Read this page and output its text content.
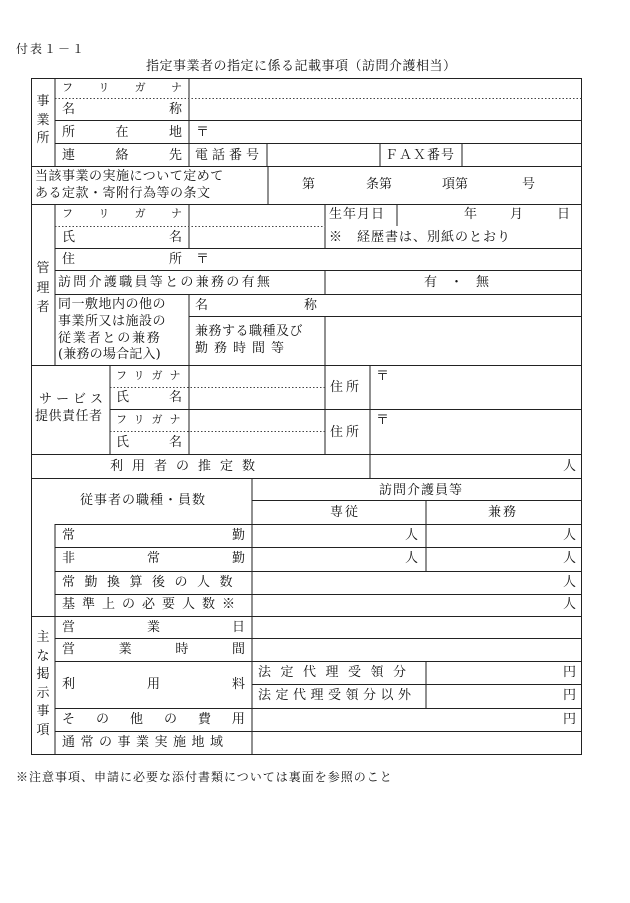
付表１－１
指定事業者の指定に係る記載事項（訪問介護相当）
事
業
所
フ リ ガ ナ
名	称
所	在	地 〒
連	絡	先 電話番号	ＦＡＸ番号
当該事業の実施について定めて
ある定款・寄附行為等の条文
第	条第	項第	号
管
理
者
フ リ ガ ナ
氏	名
生年月日	年	月	日
※　経歴書は、別紙のとおり
住	所 〒
訪問介護職員等との兼務の有無	有　・　無
同一敷地内の他の
事業所又は施設の
従業者との兼務
(兼務の場合記入)
名	称
兼務する職種及び
勤務時間等
サービス
提供責任者
フリガナ
氏	名
住所
〒
フリガナ
氏	名
住所
〒
利用者の推定数	人
従事者の職種・員数
訪問介護員等
専従	兼務
常	勤	人	人
非	常	勤	人	人
常勤換算後の人数	人
基準上の必要人数※	人
主
な
掲
示
事
項
営	業	日
営	業	時	間
利	用	料
法定代理受領分	円
法定代理受領分以外	円
そ の 他 の 費 用	円
通常の事業実施地域
※注意事項、申請に必要な添付書類については裏面を参照のこと
